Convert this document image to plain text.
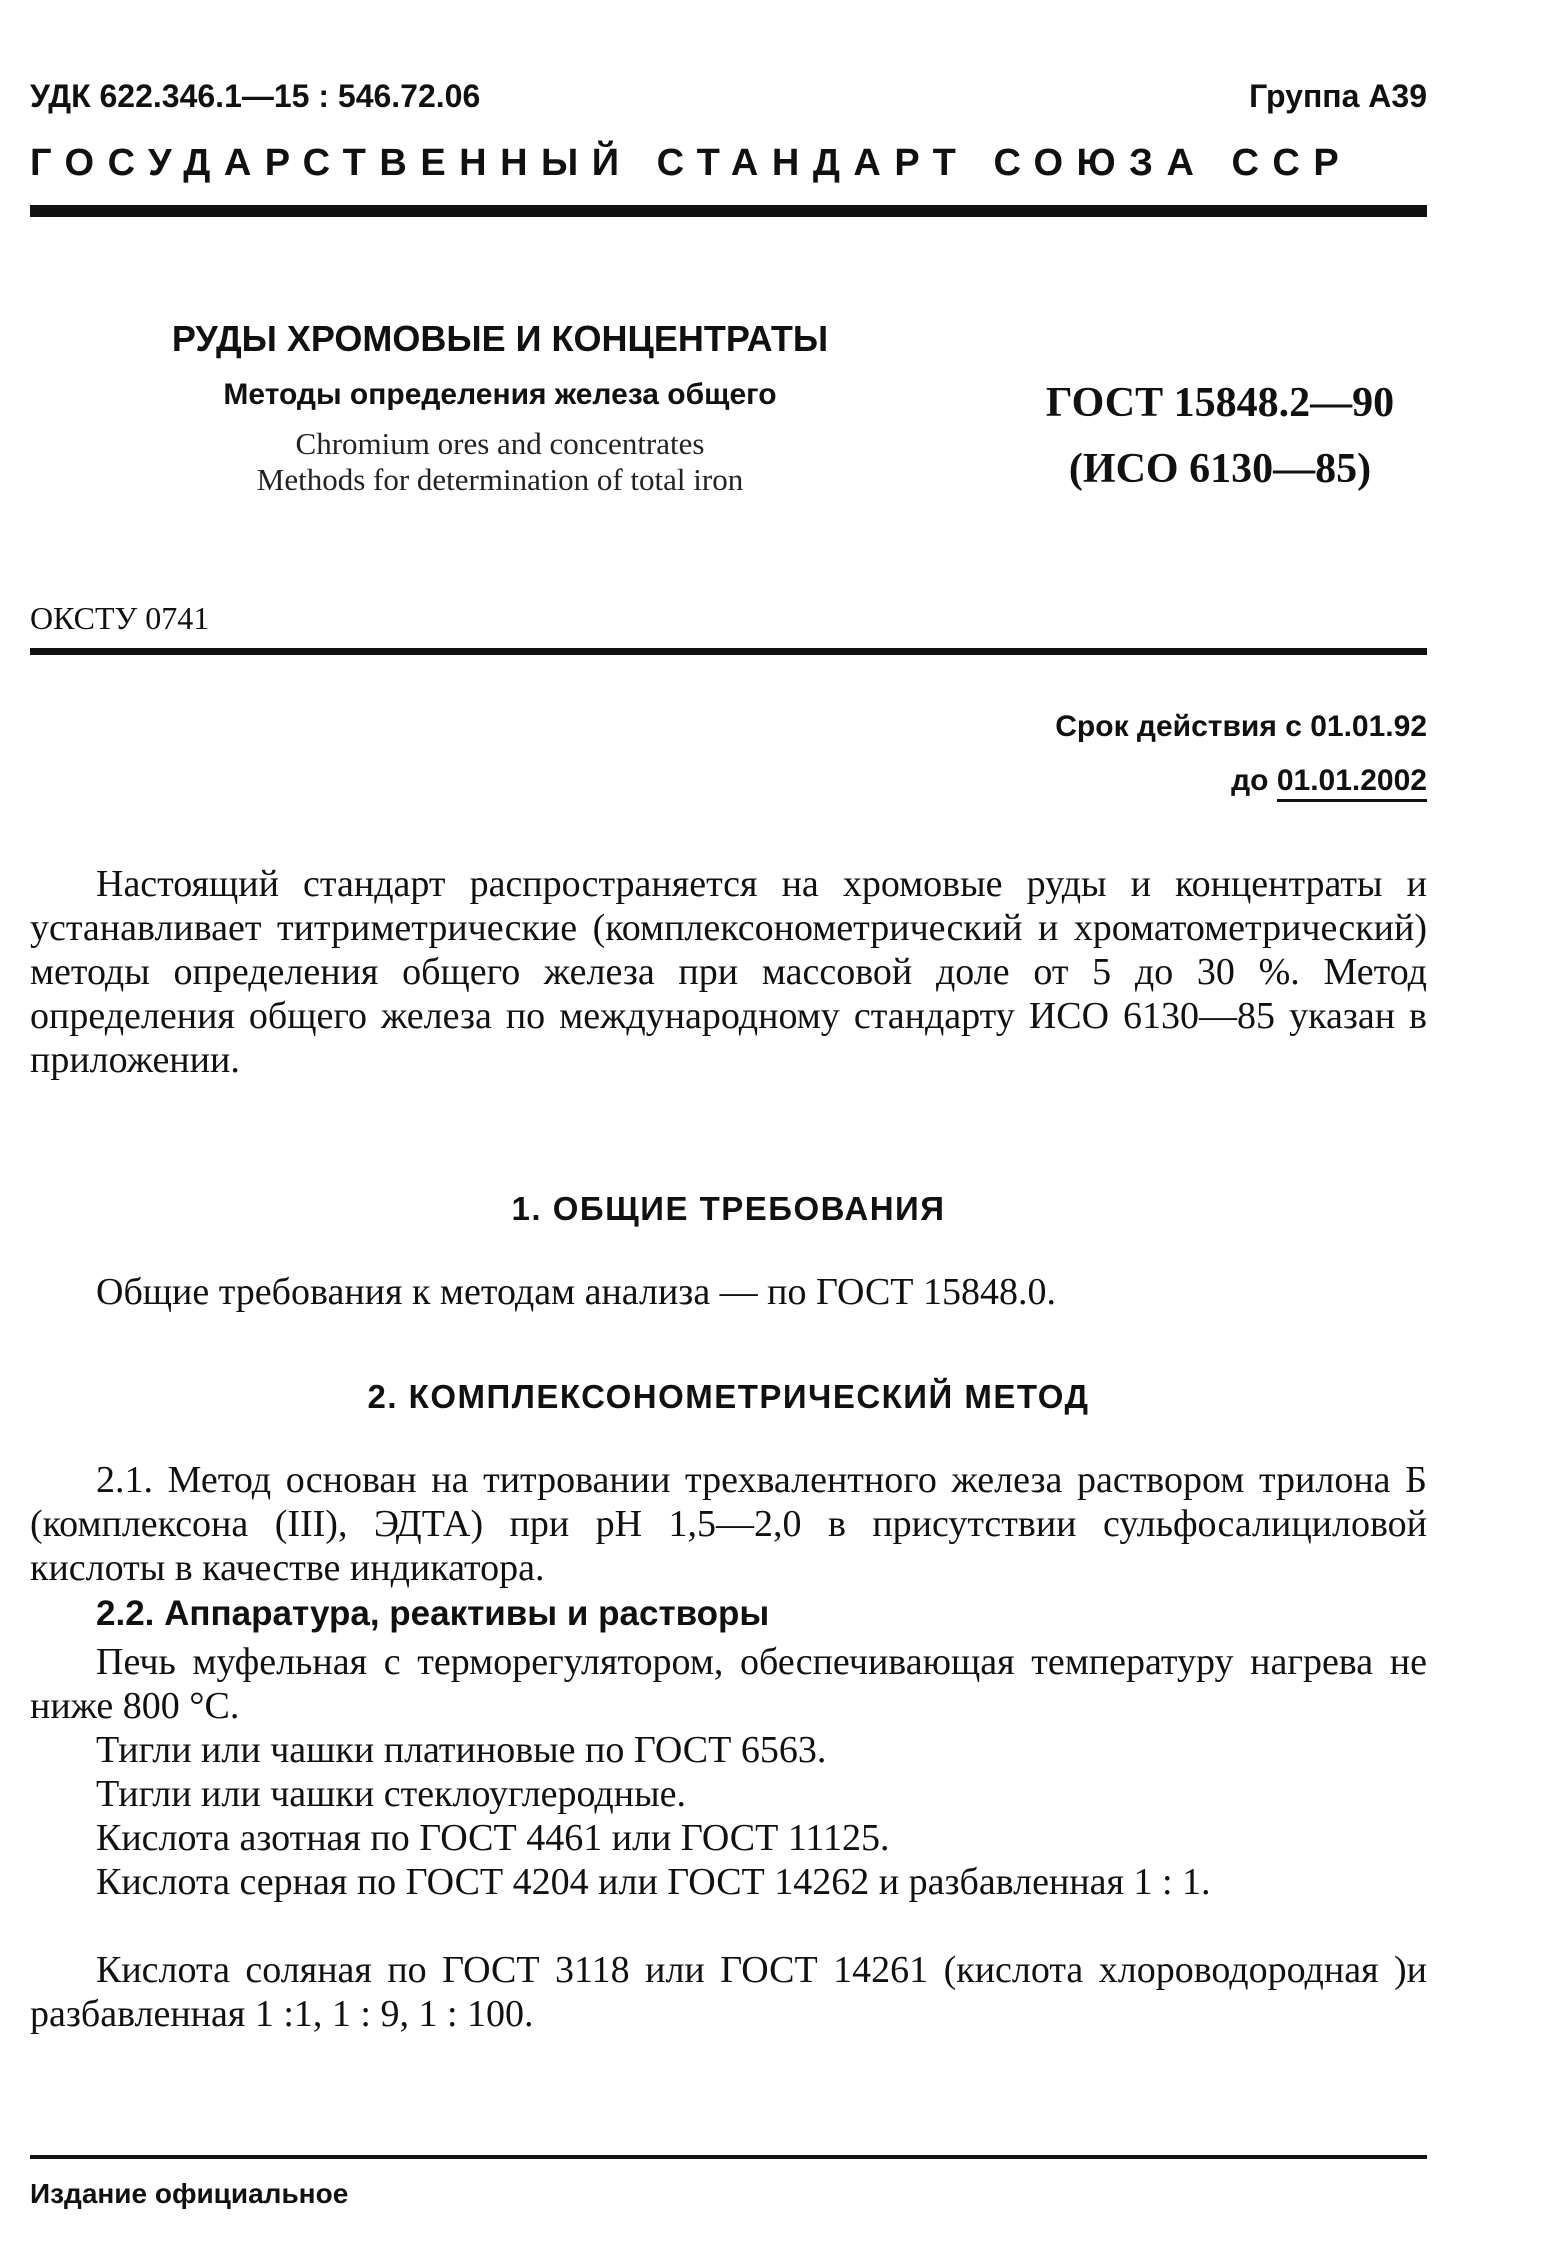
УДК 622.346.1—15 : 546.72.06	Группа А39
ГОСУДАРСТВЕННЫЙ СТАНДАРТ СОЮЗА ССР
РУДЫ ХРОМОВЫЕ И КОНЦЕНТРАТЫ
Методы определения железа общего
Chromium ores and concentrates
Methods for determination of total iron
ГОСТ 15848.2—90
(ИСО 6130—85)
ОКСТУ 0741
Срок действия с 01.01.92
до 01.01.2002
Настоящий стандарт распространяется на хромовые руды и концентраты и устанавливает титриметрические (комплексонометрический и хроматометрический) методы определения общего железа при массовой доле от 5 до 30 %. Метод определения общего железа по международному стандарту ИСО 6130—85 указан в приложении.
1. ОБЩИЕ ТРЕБОВАНИЯ
Общие требования к методам анализа — по ГОСТ 15848.0.
2. КОМПЛЕКСОНОМЕТРИЧЕСКИЙ МЕТОД
2.1. Метод основан на титровании трехвалентного железа раствором трилона Б (комплексона (III), ЭДТА) при pH 1,5—2,0 в присутствии сульфосалициловой кислоты в качестве индикатора.
2.2. Аппаратура, реактивы и растворы
Печь муфельная с терморегулятором, обеспечивающая температуру нагрева не ниже 800 °С.
Тигли или чашки платиновые по ГОСТ 6563.
Тигли или чашки стеклоуглеродные.
Кислота азотная по ГОСТ 4461 или ГОСТ 11125.
Кислота серная по ГОСТ 4204 или ГОСТ 14262 и разбавленная 1 : 1.
Кислота соляная по ГОСТ 3118 или ГОСТ 14261 (кислота хлороводородная )и разбавленная 1 :1, 1 : 9, 1 : 100.
Издание официальное
